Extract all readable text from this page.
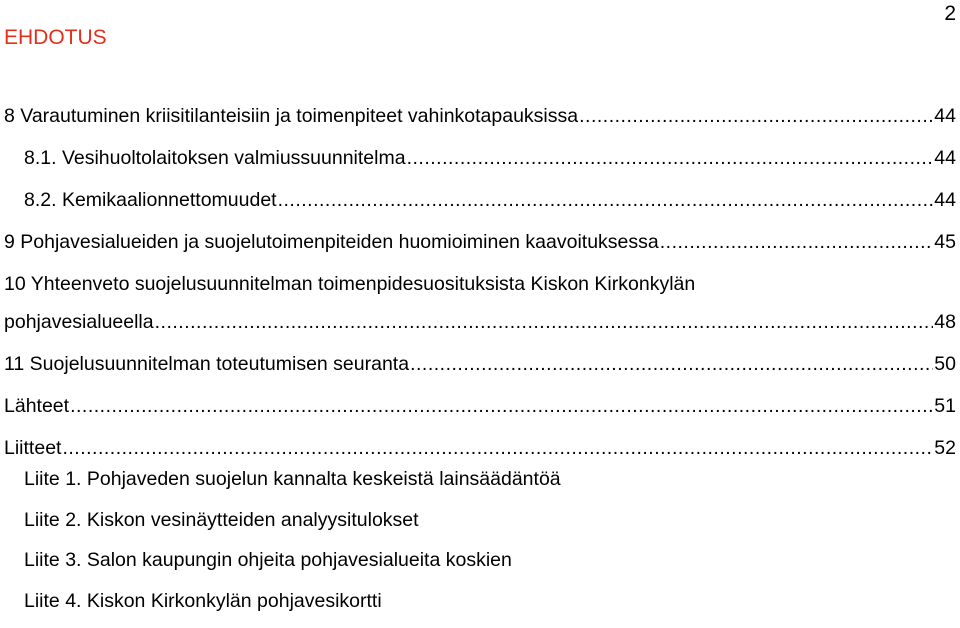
2
EHDOTUS
8 Varautuminen kriisitilanteisiin ja toimenpiteet vahinkotapauksissa .....	44
8.1. Vesihuoltolaitoksen valmiussuunnitelma .....	44
8.2. Kemikaalionnettomuudet .....	44
9 Pohjavesialueiden ja suojelutoimenpiteiden huomioiminen kaavoituksessa .....	45
10 Yhteenveto suojelusuunnitelman toimenpidesuosituksista Kiskon Kirkonkylän
pohjavesialueella .....	48
11 Suojelusuunnitelman toteutumisen seuranta .....	50
Lähteet .....	51
Liitteet .....	52
Liite 1. Pohjaveden suojelun kannalta keskeistä lainsäädäntöä
Liite 2. Kiskon vesinäytteiden analyysitulokset
Liite 3. Salon kaupungin ohjeita pohjavesialueita koskien
Liite 4. Kiskon Kirkonkylän pohjavesikortti
